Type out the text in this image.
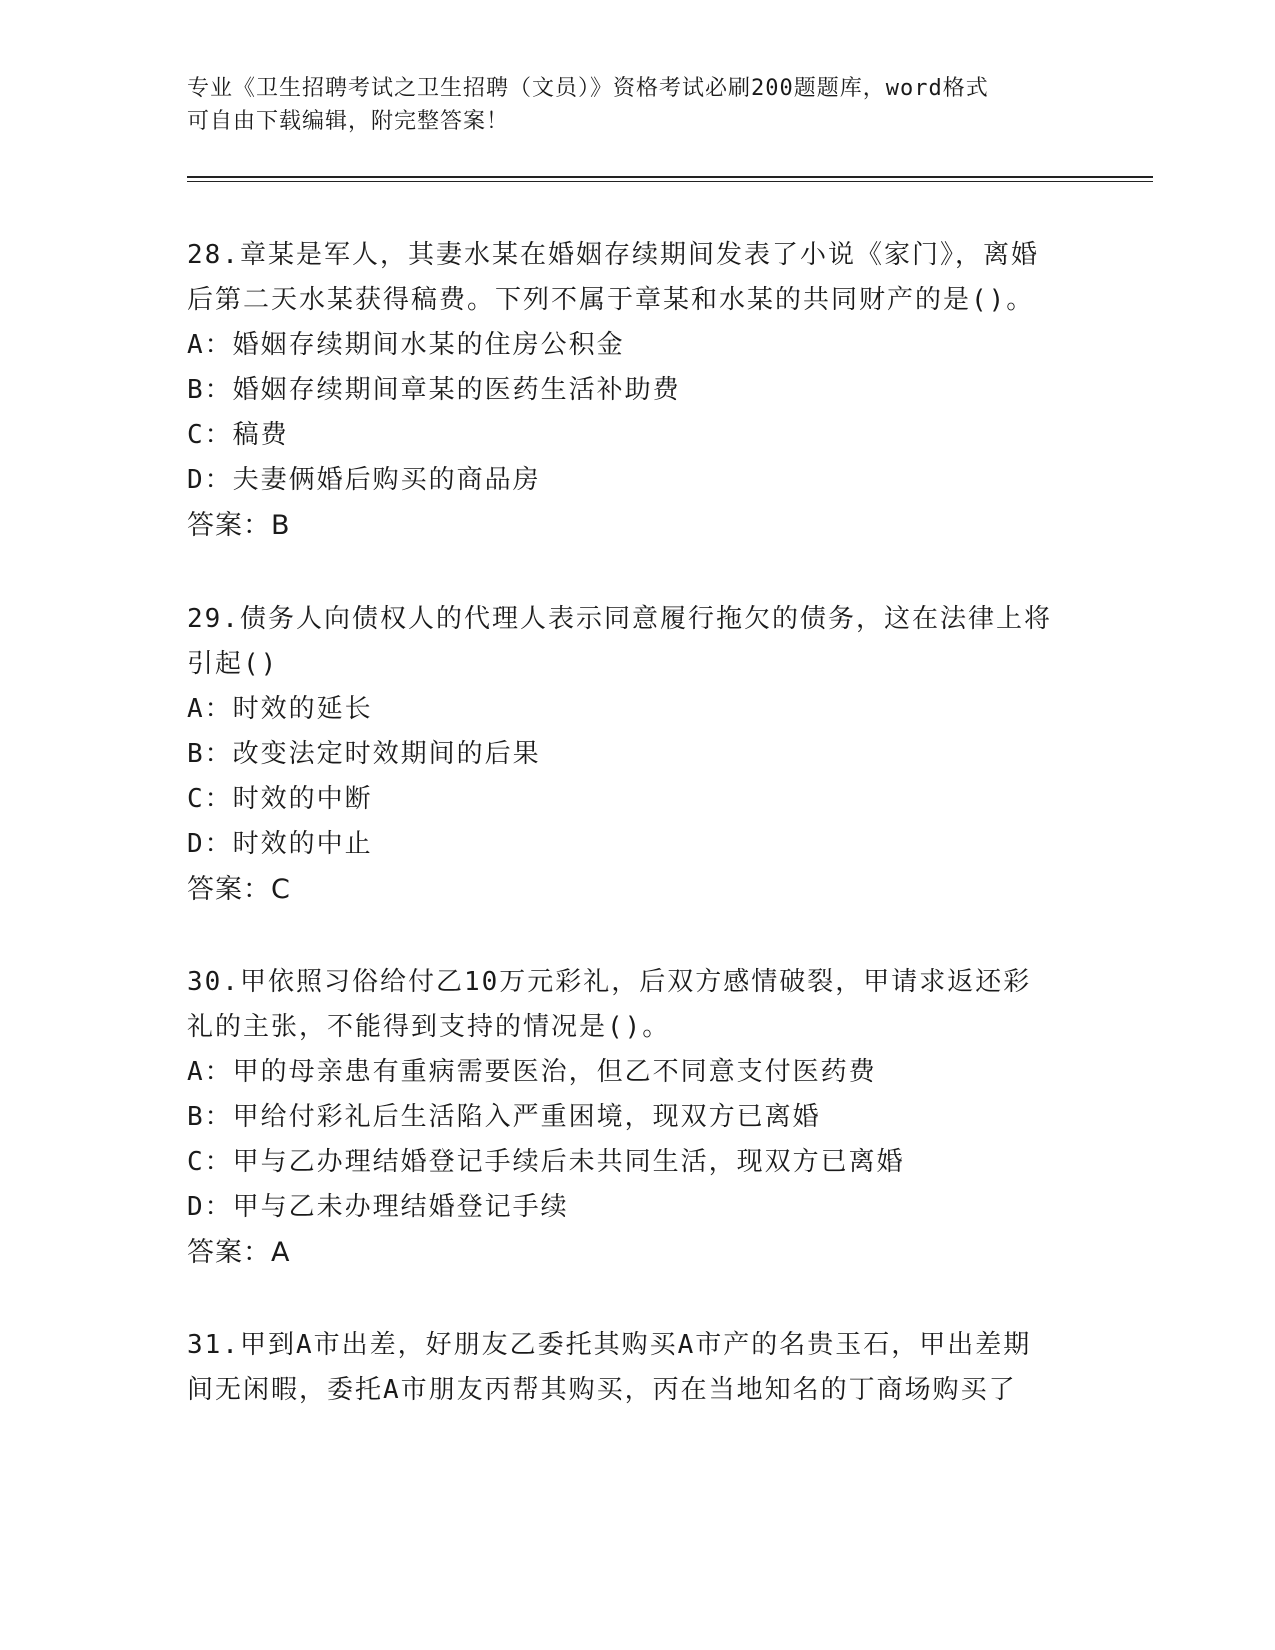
专业《卫生招聘考试之卫生招聘（文员）》资格考试必刷200题题库，word格式
可自由下载编辑，附完整答案！

28.章某是军人，其妻水某在婚姻存续期间发表了小说《家门》，离婚

后第二天水某获得稿费。下列不属于章某和水某的共同财产的是()。

A：婚姻存续期间水某的住房公积金

B：婚姻存续期间章某的医药生活补助费

C：稿费

D：夫妻俩婚后购买的商品房

答案：B

29.债务人向债权人的代理人表示同意履行拖欠的债务，这在法律上将

引起()

A：时效的延长

B：改变法定时效期间的后果

C：时效的中断

D：时效的中止

答案：C

30.甲依照习俗给付乙10万元彩礼，后双方感情破裂，甲请求返还彩

礼的主张，不能得到支持的情况是()。

A：甲的母亲患有重病需要医治，但乙不同意支付医药费

B：甲给付彩礼后生活陷入严重困境，现双方已离婚

C：甲与乙办理结婚登记手续后未共同生活，现双方已离婚

D：甲与乙未办理结婚登记手续

答案：A

31.甲到A市出差，好朋友乙委托其购买A市产的名贵玉石，甲出差期

间无闲暇，委托A市朋友丙帮其购买，丙在当地知名的丁商场购买了
